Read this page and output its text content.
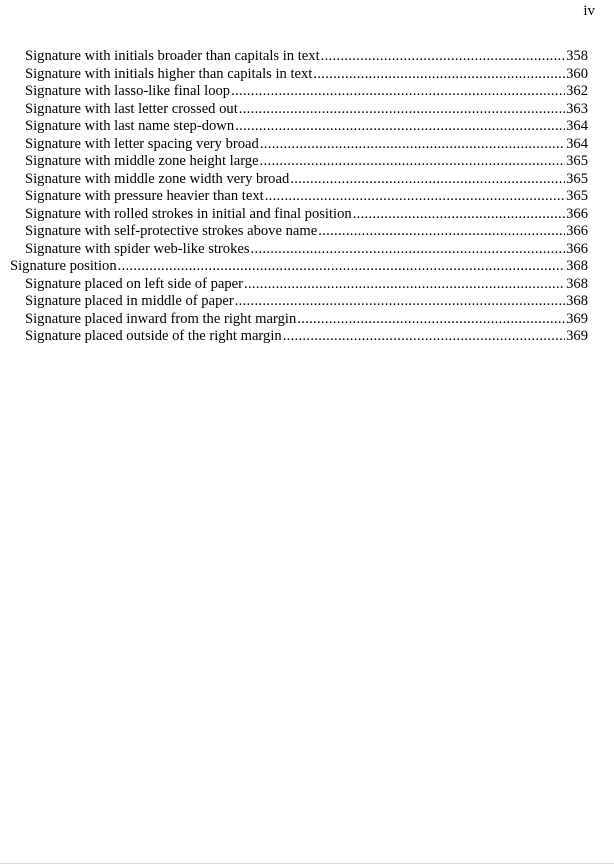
iv
Signature with initials broader than capitals in text .....	358
Signature with initials higher than capitals in text .....	360
Signature with lasso-like final loop .....	362
Signature with last letter crossed out .....	363
Signature with last name step-down .....	364
Signature with letter spacing very broad .....	364
Signature with middle zone height large .....	365
Signature with middle zone width very broad .....	365
Signature with pressure heavier than text .....	365
Signature with rolled strokes in initial and final position .....	366
Signature with self-protective strokes above name .....	366
Signature with spider web-like strokes .....	366
Signature position .....	368
Signature placed on left side of paper .....	368
Signature placed in middle of paper .....	368
Signature placed inward from the right margin .....	369
Signature placed outside of the right margin .....	369
